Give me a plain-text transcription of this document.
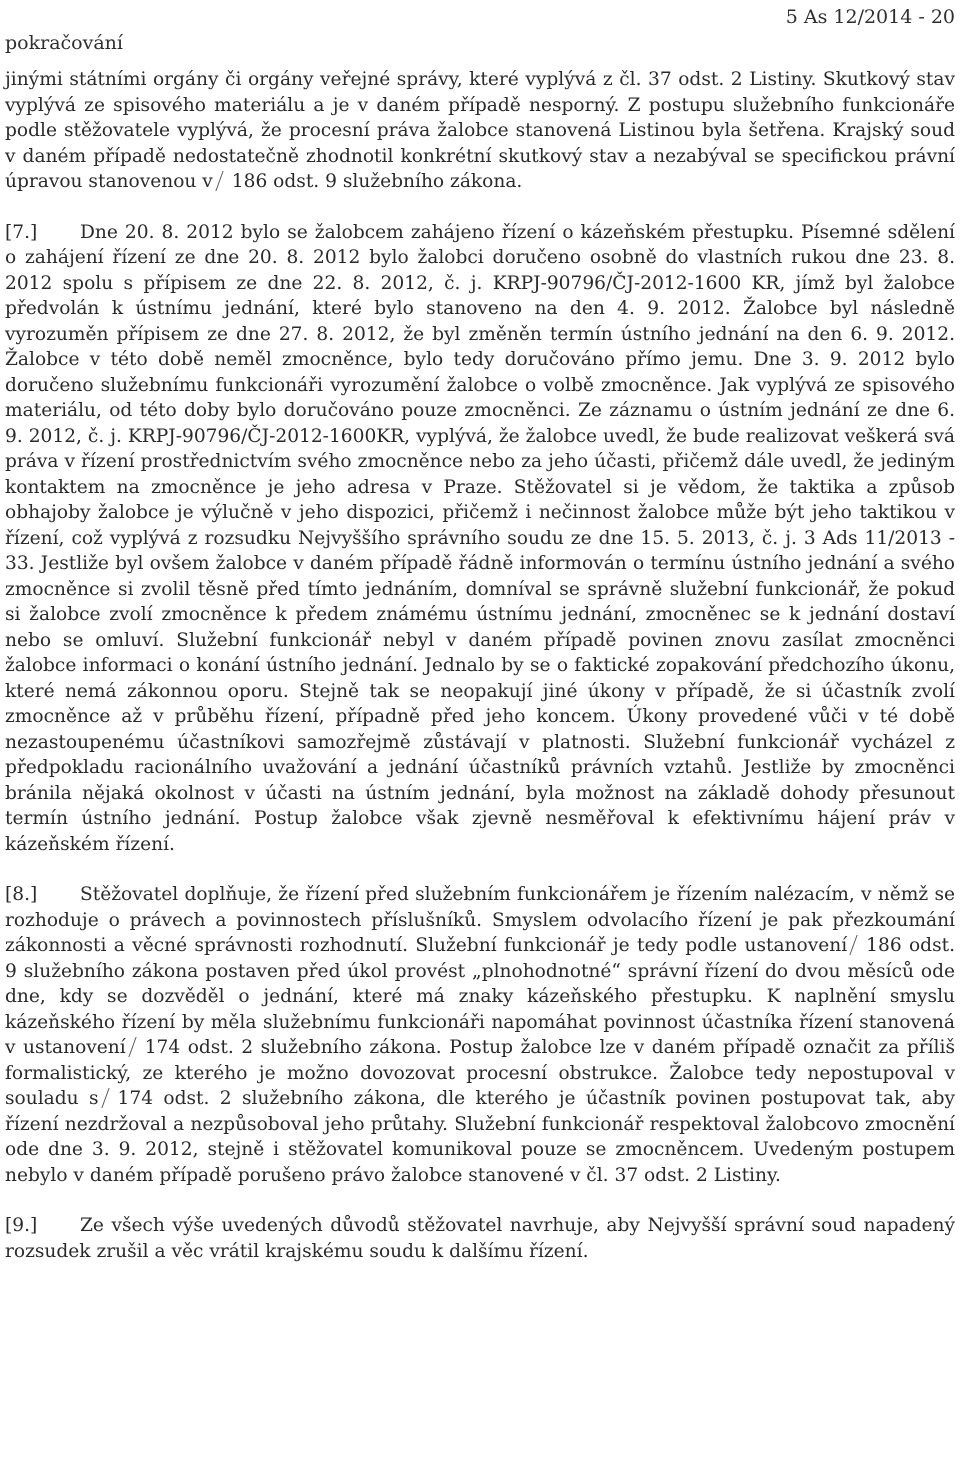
pokračování
5 As 12/2014 - 20

jinými státními orgány či orgány veřejné správy, které vyplývá z čl. 37 odst. 2 Listiny. Skutkový stav vyplývá ze spisového materiálu a je v daném případě nesporný. Z postupu služebního funkcionáře podle stěžovatele vyplývá, že procesní práva žalobce stanovená Listinou byla šetřena. Krajský soud v daném případě nedostatečně zhodnotil konkrétní skutkový stav a nezabýval se specifickou právní úpravou stanovenou v 186 odst. 9 služebního zákona.

[7.] Dne 20. 8. 2012 bylo se žalobcem zahájeno řízení o kázeňském přestupku. Písemné sdělení o zahájení řízení ze dne 20. 8. 2012 bylo žalobci doručeno osobně do vlastních rukou dne 23. 8. 2012 spolu s přípisem ze dne 22. 8. 2012, č. j. KRPJ-90796/ČJ-2012-1600 KR, jímž byl žalobce předvolán k ústnímu jednání, které bylo stanoveno na den 4. 9. 2012. Žalobce byl následně vyrozuměn přípisem ze dne 27. 8. 2012, že byl změněn termín ústního jednání na den 6. 9. 2012. Žalobce v této době neměl zmocněnce, bylo tedy doručováno přímo jemu. Dne 3. 9. 2012 bylo doručeno služebnímu funkcionáři vyrozumění žalobce o volbě zmocněnce. Jak vyplývá ze spisového materiálu, od této doby bylo doručováno pouze zmocněnci. Ze záznamu o ústním jednání ze dne 6. 9. 2012, č. j. KRPJ-90796/ČJ-2012-1600KR, vyplývá, že žalobce uvedl, že bude realizovat veškerá svá práva v řízení prostřednictvím svého zmocněnce nebo za jeho účasti, přičemž dále uvedl, že jediným kontaktem na zmocněnce je jeho adresa v Praze. Stěžovatel si je vědom, že taktika a způsob obhajoby žalobce je výlučně v jeho dispozici, přičemž i nečinnost žalobce může být jeho taktikou v řízení, což vyplývá z rozsudku Nejvyššího správního soudu ze dne 15. 5. 2013, č. j. 3 Ads 11/2013 - 33. Jestliže byl ovšem žalobce v daném případě řádně informován o termínu ústního jednání a svého zmocněnce si zvolil těsně před tímto jednáním, domníval se správně služební funkcionář, že pokud si žalobce zvolí zmocněnce k předem známému ústnímu jednání, zmocněnec se k jednání dostaví nebo se omluví. Služební funkcionář nebyl v daném případě povinen znovu zasílat zmocněnci žalobce informaci o konání ústního jednání. Jednalo by se o faktické zopakování předchozího úkonu, které nemá zákonnou oporu. Stejně tak se neopakují jiné úkony v případě, že si účastník zvolí zmocněnce až v průběhu řízení, případně před jeho koncem. Úkony provedené vůči v té době nezastoupenému účastníkovi samozřejmě zůstávají v platnosti. Služební funkcionář vycházel z předpokladu racionálního uvažování a jednání účastníků právních vztahů. Jestliže by zmocněnci bránila nějaká okolnost v účasti na ústním jednání, byla možnost na základě dohody přesunout termín ústního jednání. Postup žalobce však zjevně nesměřoval k efektivnímu hájení práv v kázeňském řízení.

[8.] Stěžovatel doplňuje, že řízení před služebním funkcionářem je řízením nalézacím, v němž se rozhoduje o právech a povinnostech příslušníků. Smyslem odvolacího řízení je pak přezkoumání zákonnosti a věcné správnosti rozhodnutí. Služební funkcionář je tedy podle ustanovení 186 odst. 9 služebního zákona postaven před úkol provést „plnohodnotné“ správní řízení do dvou měsíců ode dne, kdy se dozvěděl o jednání, které má znaky kázeňského přestupku. K naplnění smyslu kázeňského řízení by měla služebnímu funkcionáři napomáhat povinnost účastníka řízení stanovená v ustanovení 174 odst. 2 služebního zákona. Postup žalobce lze v daném případě označit za příliš formalistický, ze kterého je možno dovozovat procesní obstrukce. Žalobce tedy nepostupoval v souladu s 174 odst. 2 služebního zákona, dle kterého je účastník povinen postupovat tak, aby řízení nezdržoval a nezpůsoboval jeho průtahy. Služební funkcionář respektoval žalobcovo zmocnění ode dne 3. 9. 2012, stejně i stěžovatel komunikoval pouze se zmocněncem. Uvedeným postupem nebylo v daném případě porušeno právo žalobce stanovené v čl. 37 odst. 2 Listiny.

[9.] Ze všech výše uvedených důvodů stěžovatel navrhuje, aby Nejvyšší správní soud napadený rozsudek zrušil a věc vrátil krajskému soudu k dalšímu řízení.
